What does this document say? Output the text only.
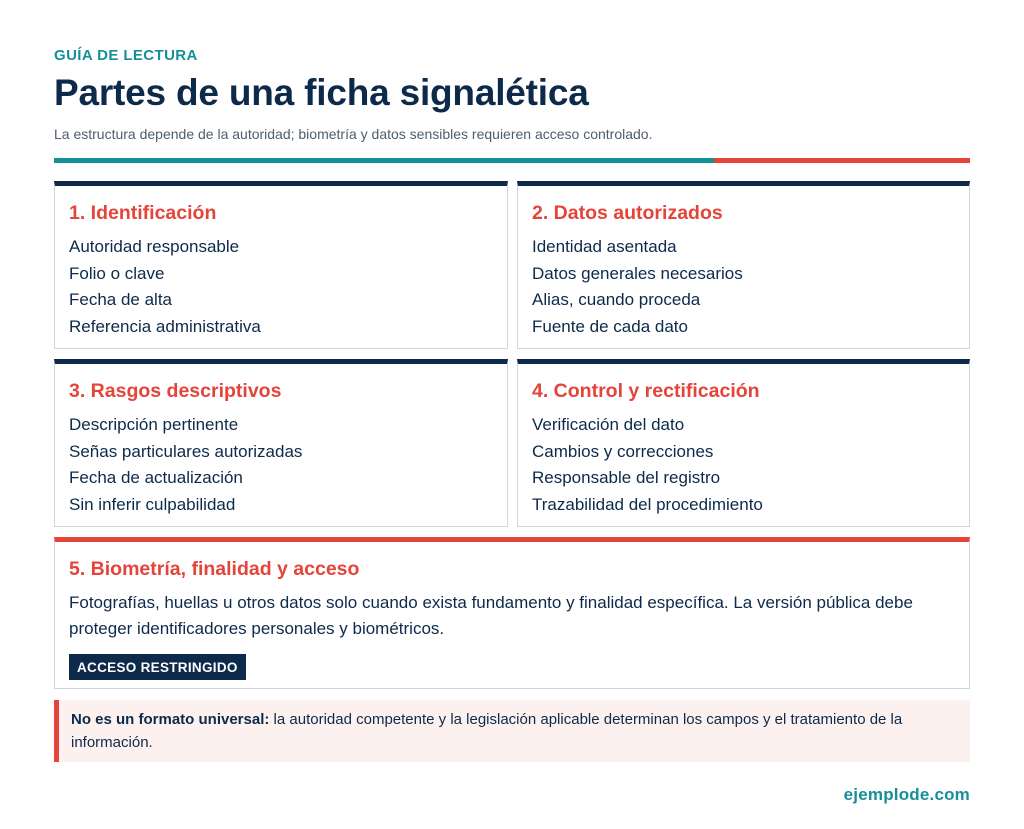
GUÍA DE LECTURA
Partes de una ficha signalética
La estructura depende de la autoridad; biometría y datos sensibles requieren acceso controlado.
1. Identificación
Autoridad responsable
Folio o clave
Fecha de alta
Referencia administrativa
2. Datos autorizados
Identidad asentada
Datos generales necesarios
Alias, cuando proceda
Fuente de cada dato
3. Rasgos descriptivos
Descripción pertinente
Señas particulares autorizadas
Fecha de actualización
Sin inferir culpabilidad
4. Control y rectificación
Verificación del dato
Cambios y correcciones
Responsable del registro
Trazabilidad del procedimiento
5. Biometría, finalidad y acceso

Fotografías, huellas u otros datos solo cuando exista fundamento y finalidad específica. La versión pública debe proteger identificadores personales y biométricos.

ACCESO RESTRINGIDO
No es un formato universal: la autoridad competente y la legislación aplicable determinan los campos y el tratamiento de la información.
ejemplode.com
